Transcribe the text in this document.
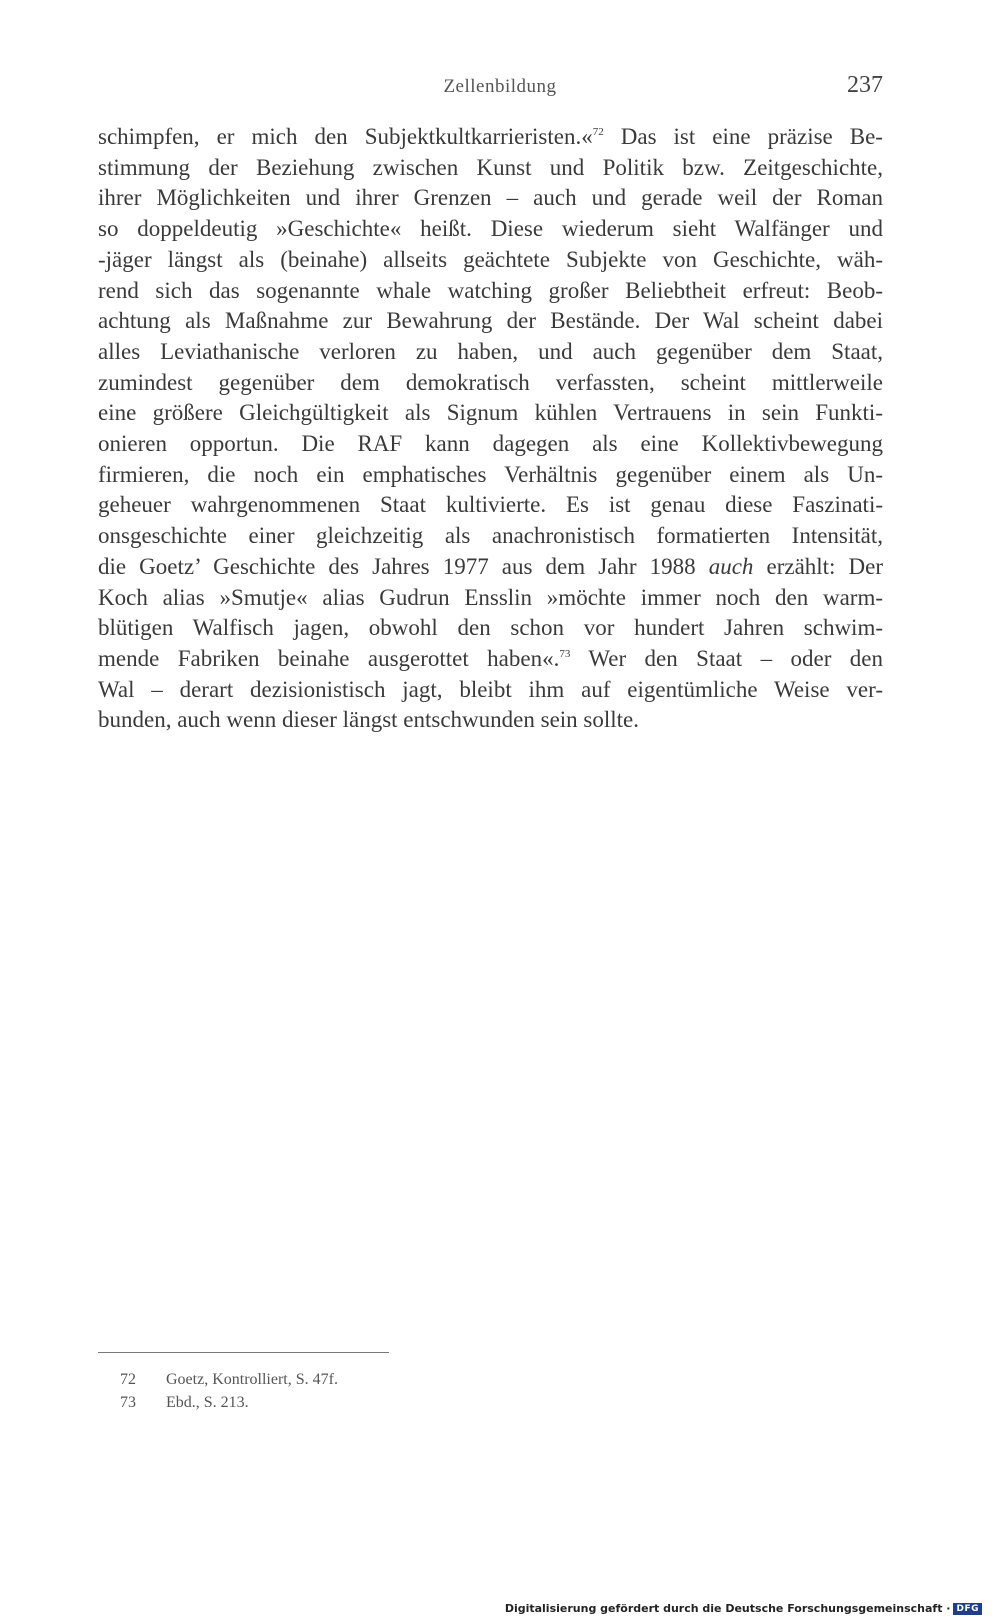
Zellenbildung	237
schimpfen, er mich den Subjektkultkarrieristen.«$^{72}$ Das ist eine präzise Be-
stimmung der Beziehung zwischen Kunst und Politik bzw. Zeitgeschichte,
ihrer Möglichkeiten und ihrer Grenzen – auch und gerade weil der Roman
so doppeldeutig »Geschichte« heißt. Diese wiederum sieht Walfänger und
-jäger längst als (beinahe) allseits geächtete Subjekte von Geschichte, wäh-
rend sich das sogenannte whale watching großer Beliebtheit erfreut: Beob-
achtung als Maßnahme zur Bewahrung der Bestände. Der Wal scheint dabei
alles Leviathanische verloren zu haben, und auch gegenüber dem Staat,
zumindest gegenüber dem demokratisch verfassten, scheint mittlerweile
eine größere Gleichgültigkeit als Signum kühlen Vertrauens in sein Funkti-
onieren opportun. Die RAF kann dagegen als eine Kollektivbewegung
firmieren, die noch ein emphatisches Verhältnis gegenüber einem als Un-
geheuer wahrgenommenen Staat kultivierte. Es ist genau diese Faszinati-
onsgeschichte einer gleichzeitig als anachronistisch formatierten Intensität,
die Goetz’ Geschichte des Jahres 1977 aus dem Jahr 1988 auch erzählt: Der
Koch alias »Smutje« alias Gudrun Ensslin »möchte immer noch den warm-
blütigen Walfisch jagen, obwohl den schon vor hundert Jahren schwim-
mende Fabriken beinahe ausgerottet haben«.$^{73}$ Wer den Staat – oder den
Wal – derart dezisionistisch jagt, bleibt ihm auf eigentümliche Weise ver-
bunden, auch wenn dieser längst entschwunden sein sollte.
72 Goetz, Kontrolliert, S. 47f.
73 Ebd., S. 213.
Digitalisierung gefördert durch die Deutsche Forschungsgemeinschaft · DFG
